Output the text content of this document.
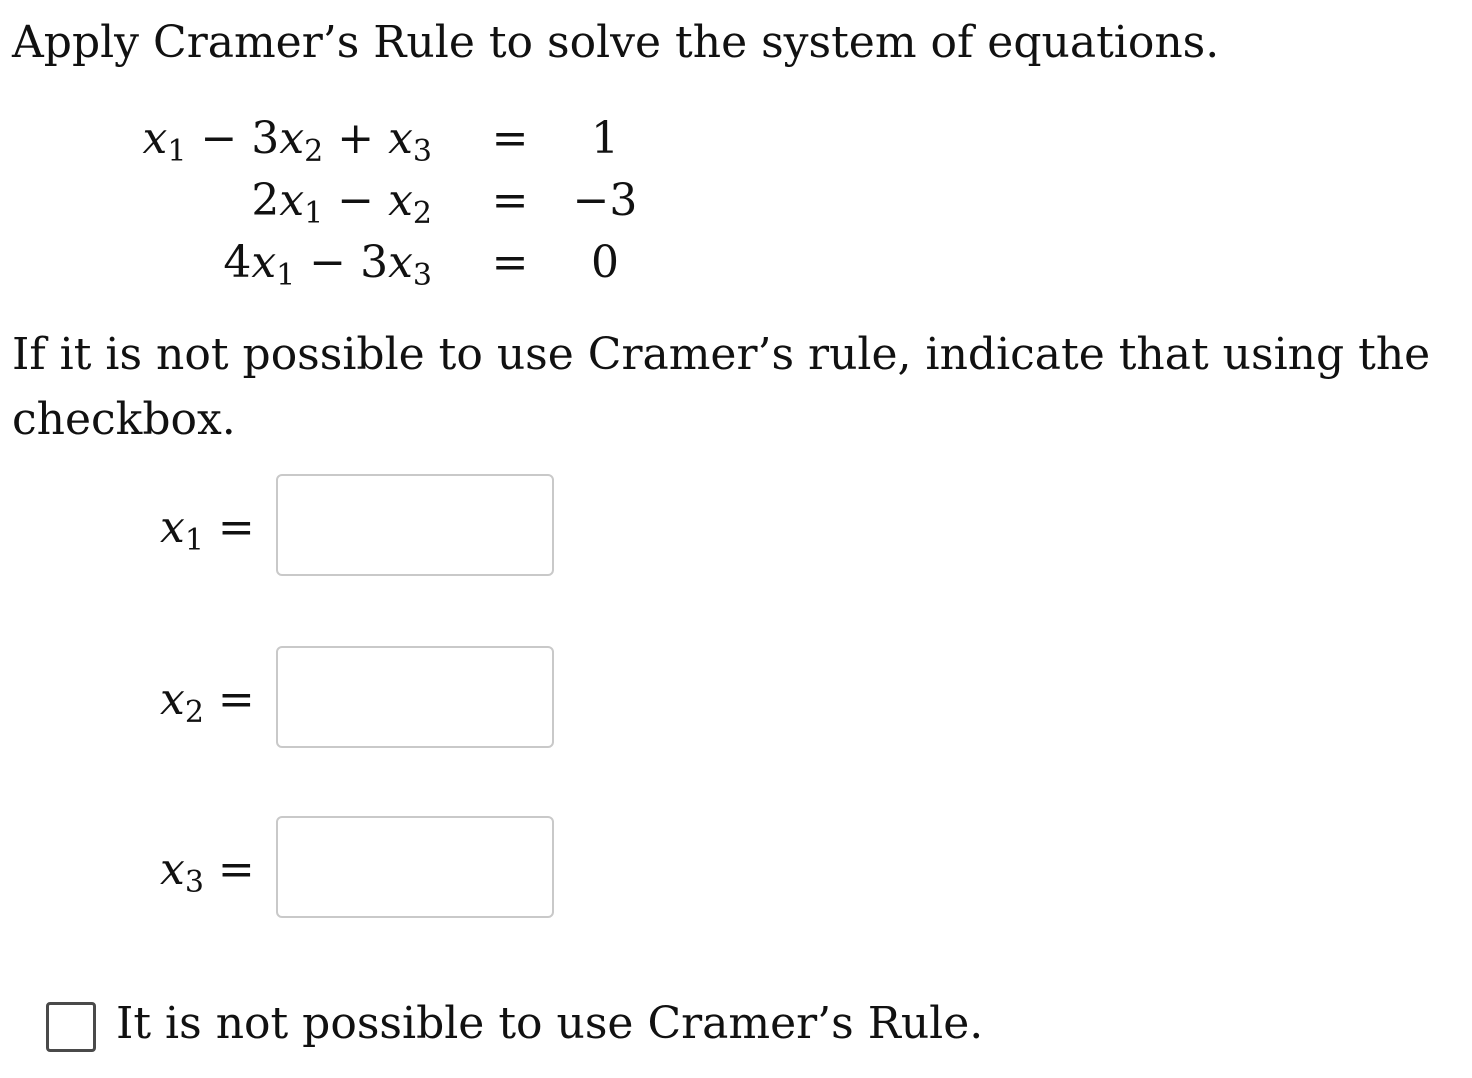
Apply Cramer’s Rule to solve the system of equations.
$x_1 - 3x_2 + x_3$ =	1
$2x_1 - x_2 = -3$
$4x_1 - 3x_3$ =	0

If it is not possible to use Cramer’s rule, indicate that using the checkbox.

$x_1$ =
$x_2$ =
$x_3$ =
It is not possible to use Cramer’s Rule.
